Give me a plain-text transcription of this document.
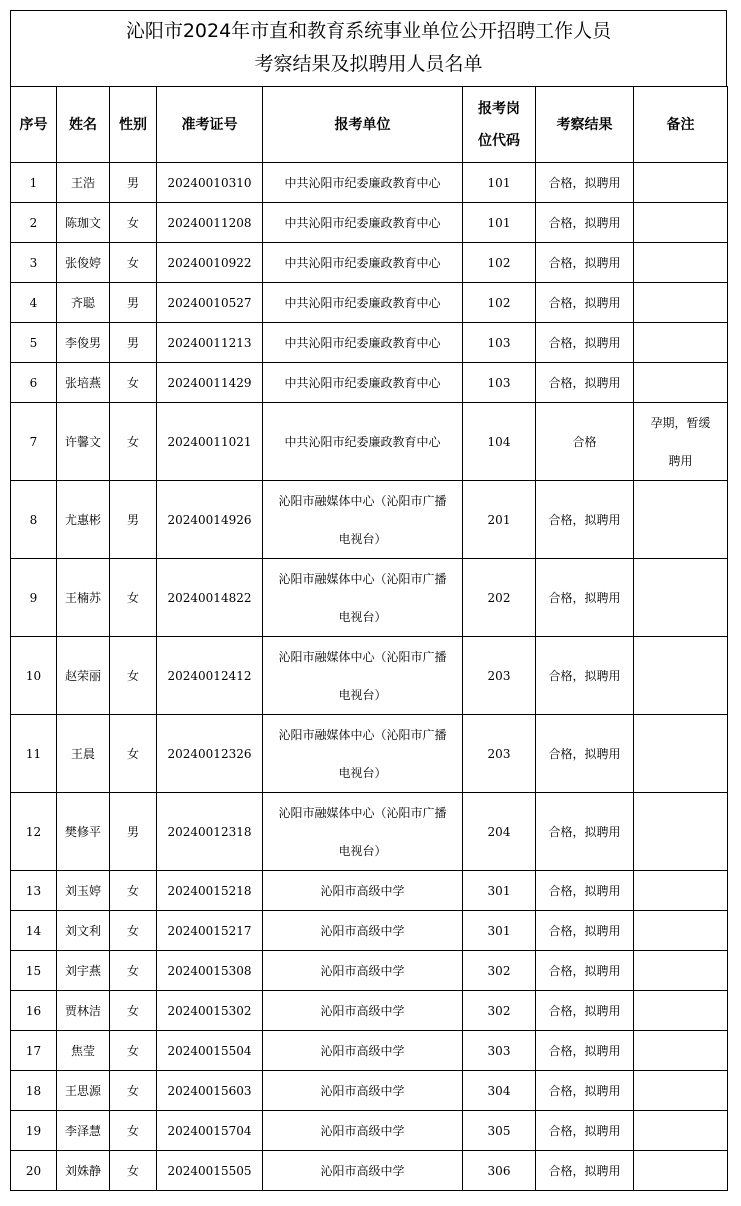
沁阳市2024年市直和教育系统事业单位公开招聘工作人员
考察结果及拟聘用人员名单
序号	姓名	性别	准考证号	报考单位	报考岗
位代码	考察结果	备注
1	王浩	男	20240010310	中共沁阳市纪委廉政教育中心	101	合格，拟聘用	
2	陈珈文	女	20240011208	中共沁阳市纪委廉政教育中心	101	合格，拟聘用	
3	张俊婷	女	20240010922	中共沁阳市纪委廉政教育中心	102	合格，拟聘用	
4	齐聪	男	20240010527	中共沁阳市纪委廉政教育中心	102	合格，拟聘用	
5	李俊男	男	20240011213	中共沁阳市纪委廉政教育中心	103	合格，拟聘用	
6	张培燕	女	20240011429	中共沁阳市纪委廉政教育中心	103	合格，拟聘用	
7	许馨文	女	20240011021	中共沁阳市纪委廉政教育中心	104	合格	孕期，暂缓
聘用

8	尤惠彬	男	20240014926	沁阳市融媒体中心（沁阳市广播
电视台）	201	合格，拟聘用	
9	王楠苏	女	20240014822	沁阳市融媒体中心（沁阳市广播
电视台）	202	合格，拟聘用	
10	赵荣丽	女	20240012412	沁阳市融媒体中心（沁阳市广播
电视台）	203	合格，拟聘用	
11	王晨	女	20240012326	沁阳市融媒体中心（沁阳市广播
电视台）	203	合格，拟聘用	
12	樊修平	男	20240012318	沁阳市融媒体中心（沁阳市广播
电视台）	204	合格，拟聘用	
13	刘玉婷	女	20240015218	沁阳市高级中学	301	合格，拟聘用	
14	刘文利	女	20240015217	沁阳市高级中学	301	合格，拟聘用	
15	刘宇燕	女	20240015308	沁阳市高级中学	302	合格，拟聘用	
16	贾林洁	女	20240015302	沁阳市高级中学	302	合格，拟聘用	
17	焦莹	女	20240015504	沁阳市高级中学	303	合格，拟聘用	
18	王思源	女	20240015603	沁阳市高级中学	304	合格，拟聘用	
19	李泽慧	女	20240015704	沁阳市高级中学	305	合格，拟聘用	
20	刘姝静	女	20240015505	沁阳市高级中学	306	合格，拟聘用	
